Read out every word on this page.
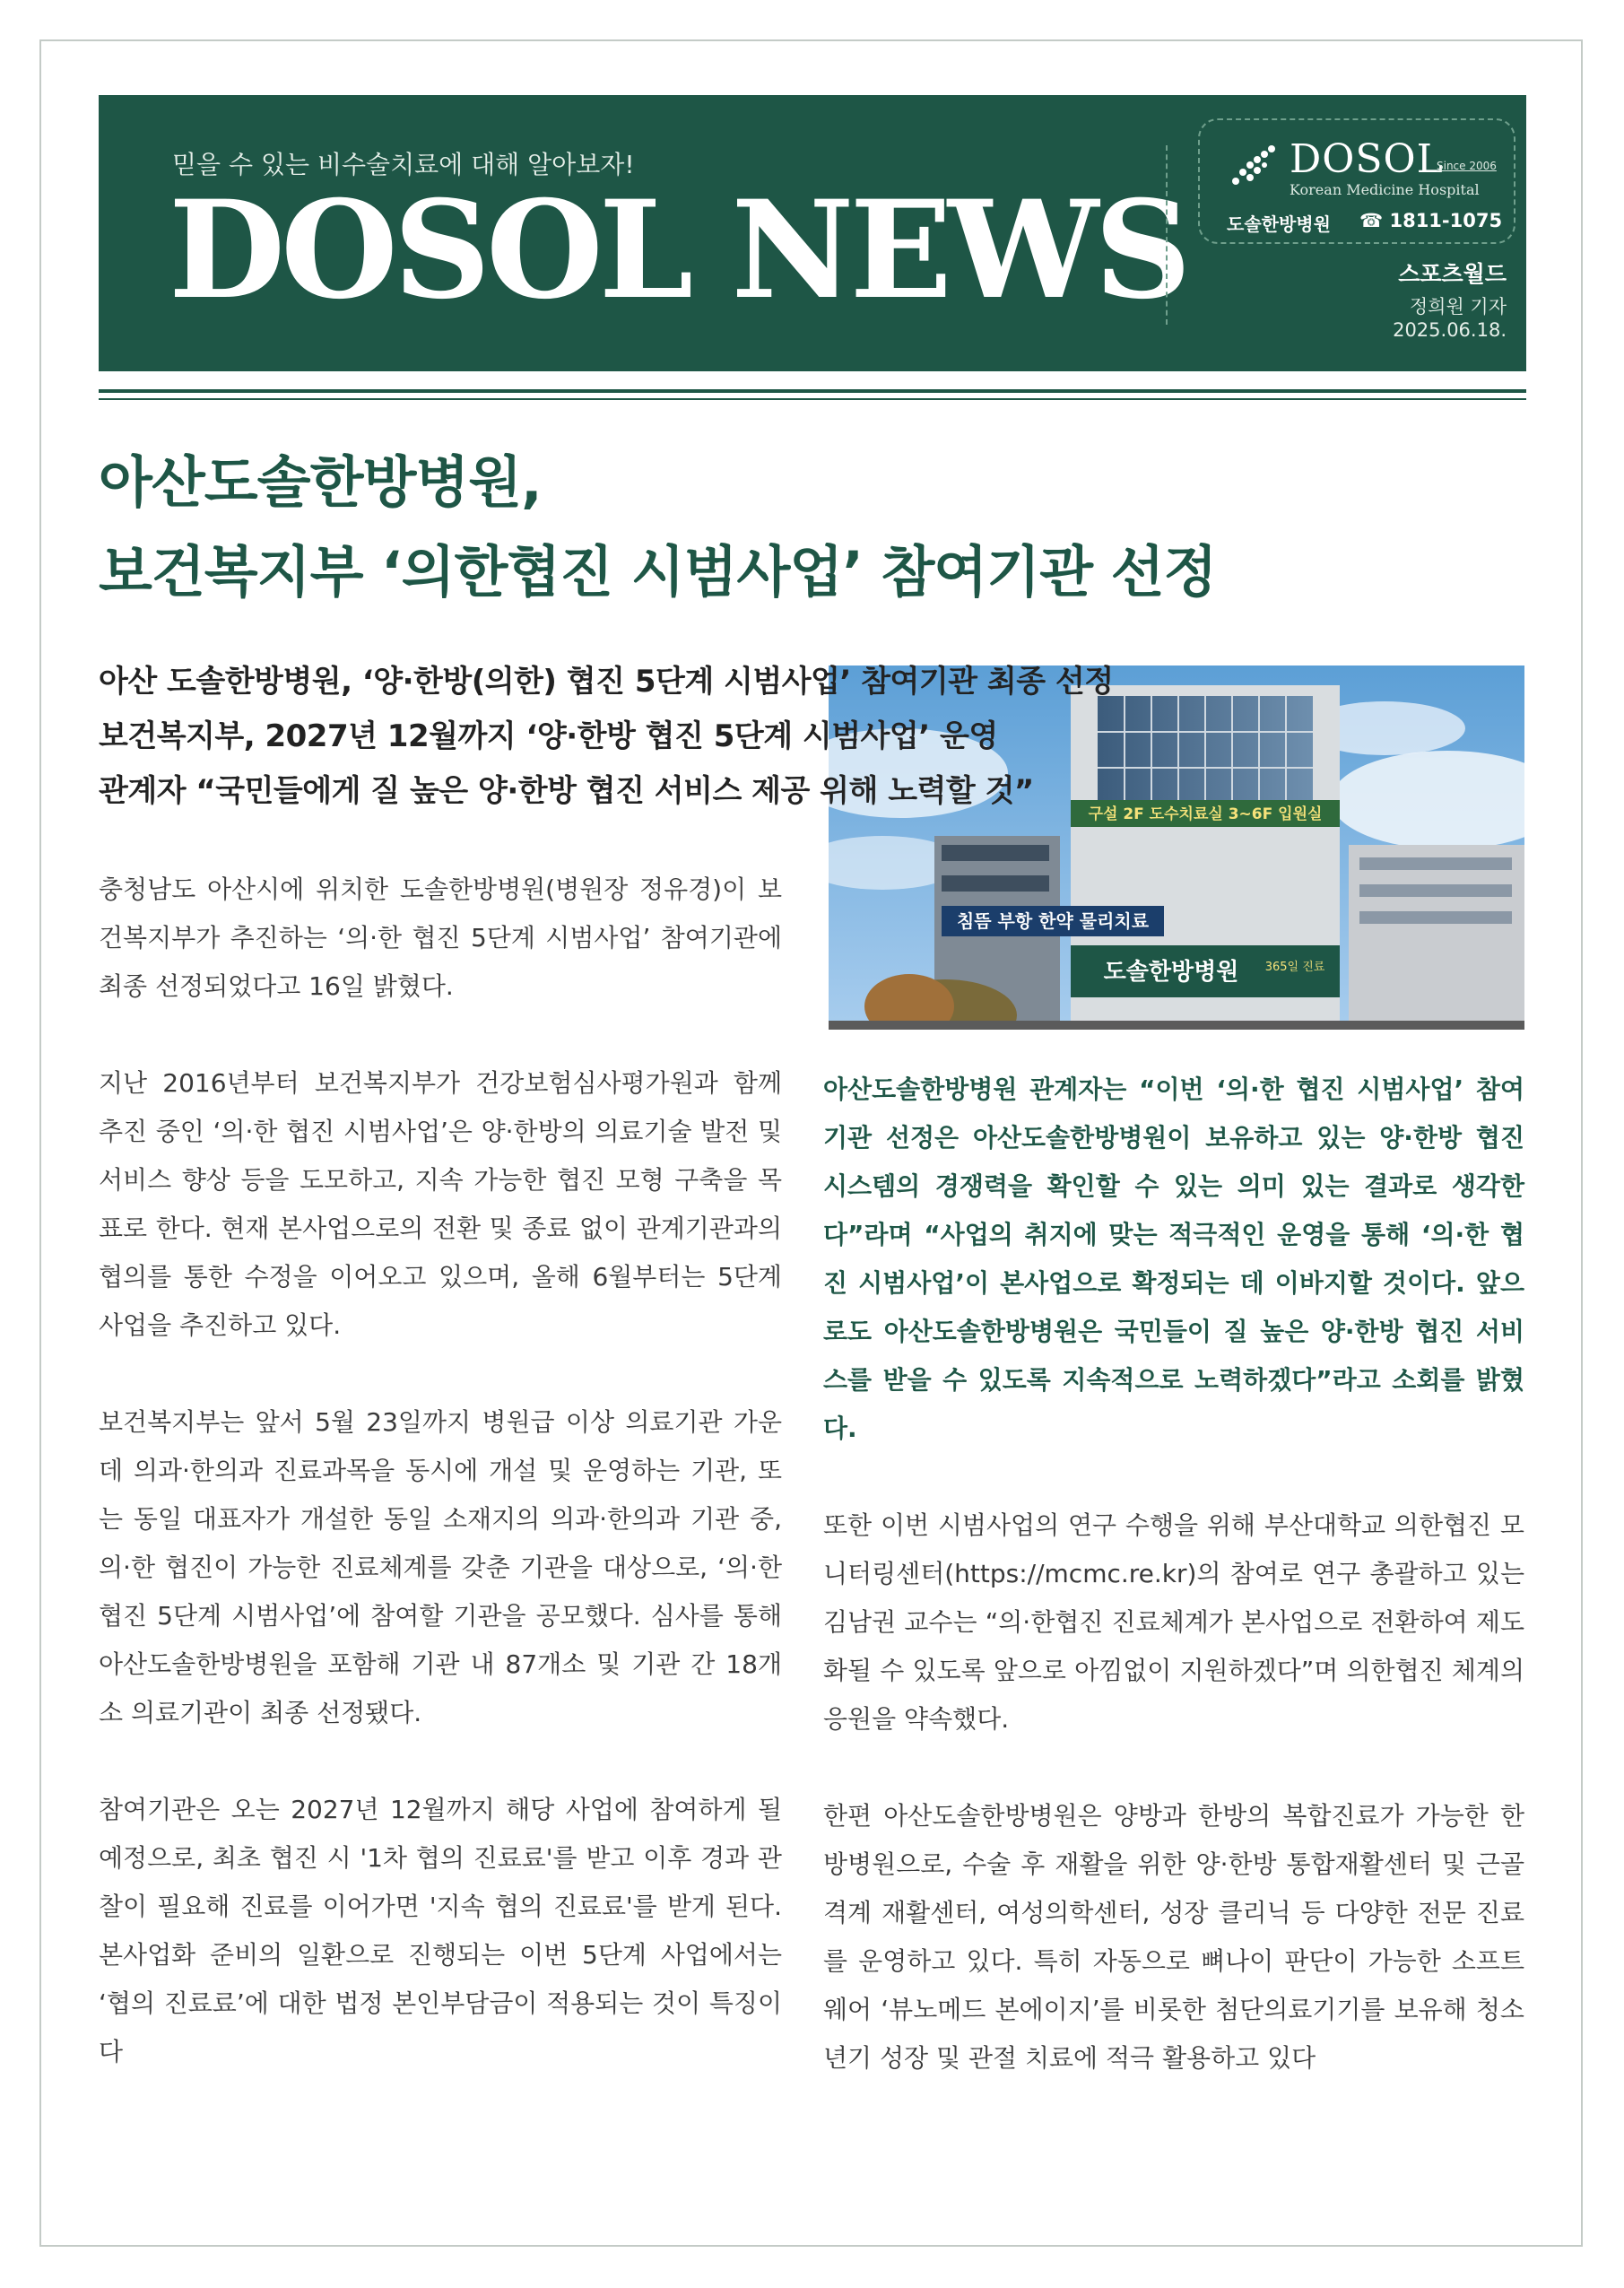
믿을 수 있는 비수술치료에 대해 알아보자!
DOSOL NEWS
DOSOL
Since 2006
Korean Medicine Hospital
도솔한방병원 ☎ 1811-1075
스포츠월드
정희원 기자
2025.06.18.
아산도솔한방병원,
보건복지부 ‘의한협진 시범사업’ 참여기관 선정
아산 도솔한방병원, ‘양·한방(의한) 협진 5단계 시범사업’ 참여기관 최종 선정
보건복지부, 2027년 12월까지 ‘양·한방 협진 5단계 시범사업’ 운영
관계자 “국민들에게 질 높은 양·한방 협진 서비스 제공 위해 노력할 것”
구설 2F 도수치료실 3~6F 입원실
침뜸 부항 한약 물리치료
도솔한방병원 365일 진료

충청남도 아산시에 위치한 도솔한방병원(병원장 정유경)이 보건복지부가 추진하는 ‘의·한 협진 5단계 시범사업’ 참여기관에 최종 선정되었다고 16일 밝혔다.

지난 2016년부터 보건복지부가 건강보험심사평가원과 함께 추진 중인 ‘의·한 협진 시범사업’은 양·한방의 의료기술 발전 및 서비스 향상 등을 도모하고, 지속 가능한 협진 모형 구축을 목표로 한다. 현재 본사업으로의 전환 및 종료 없이 관계기관과의 협의를 통한 수정을 이어오고 있으며, 올해 6월부터는 5단계 사업을 추진하고 있다.

보건복지부는 앞서 5월 23일까지 병원급 이상 의료기관 가운데 의과·한의과 진료과목을 동시에 개설 및 운영하는 기관, 또는 동일 대표자가 개설한 동일 소재지의 의과·한의과 기관 중, 의·한 협진이 가능한 진료체계를 갖춘 기관을 대상으로, ‘의·한 협진 5단계 시범사업’에 참여할 기관을 공모했다. 심사를 통해 아산도솔한방병원을 포함해 기관 내 87개소 및 기관 간 18개소 의료기관이 최종 선정됐다.

참여기관은 오는 2027년 12월까지 해당 사업에 참여하게 될 예정으로, 최초 협진 시 '1차 협의 진료료'를 받고 이후 경과 관찰이 필요해 진료를 이어가면 '지속 협의 진료료'를 받게 된다. 본사업화 준비의 일환으로 진행되는 이번 5단계 사업에서는 ‘협의 진료료’에 대한 법정 본인부담금이 적용되는 것이 특징이다

아산도솔한방병원 관계자는 “이번 ‘의·한 협진 시범사업’ 참여기관 선정은 아산도솔한방병원이 보유하고 있는 양·한방 협진 시스템의 경쟁력을 확인할 수 있는 의미 있는 결과로 생각한다”라며 “사업의 취지에 맞는 적극적인 운영을 통해 ‘의·한 협진 시범사업’이 본사업으로 확정되는 데 이바지할 것이다. 앞으로도 아산도솔한방병원은 국민들이 질 높은 양·한방 협진 서비스를 받을 수 있도록 지속적으로 노력하겠다”라고 소회를 밝혔다.

또한 이번 시범사업의 연구 수행을 위해 부산대학교 의한협진 모니터링센터(https://mcmc.re.kr)의 참여로 연구 총괄하고 있는 김남권 교수는 “의·한협진 진료체계가 본사업으로 전환하여 제도화될 수 있도록 앞으로 아낌없이 지원하겠다”며 의한협진 체계의 응원을 약속했다.

한편 아산도솔한방병원은 양방과 한방의 복합진료가 가능한 한방병원으로, 수술 후 재활을 위한 양·한방 통합재활센터 및 근골격계 재활센터, 여성의학센터, 성장 클리닉 등 다양한 전문 진료를 운영하고 있다. 특히 자동으로 뼈나이 판단이 가능한 소프트웨어 ‘뷰노메드 본에이지’를 비롯한 첨단의료기기를 보유해 청소년기 성장 및 관절 치료에 적극 활용하고 있다
